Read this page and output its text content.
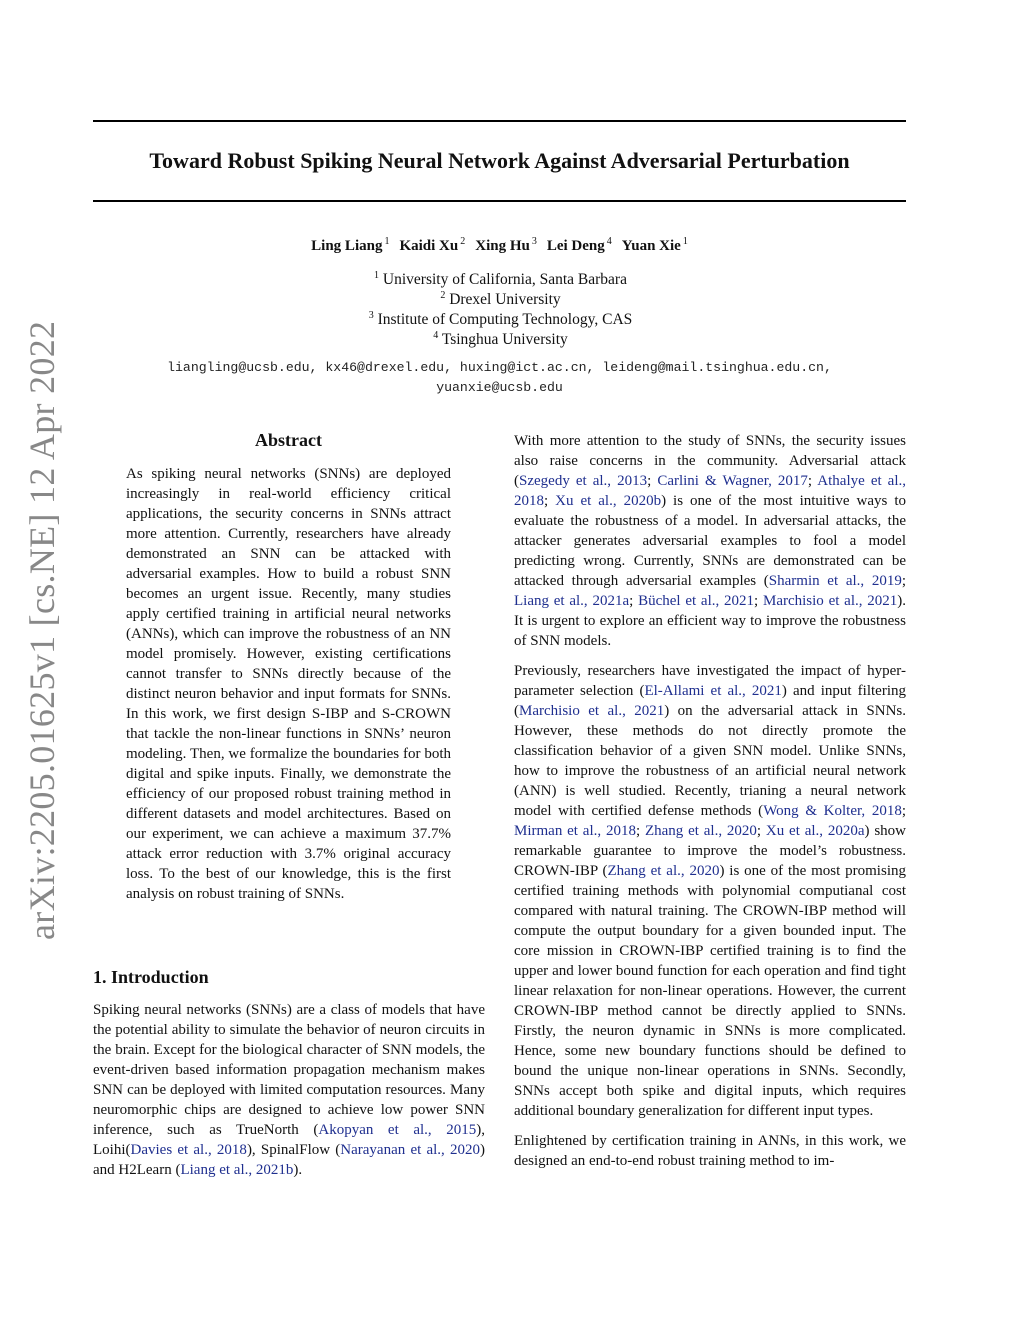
Toward Robust Spiking Neural Network Against Adversarial Perturbation
arXiv:2205.01625v1 [cs.NE] 12 Apr 2022
Ling Liang $^1$ Kaidi Xu $^2$ Xing Hu $^3$ Lei Deng $^4$ Yuan Xie $^1$
$^1$ University of California, Santa Barbara
$^2$ Drexel University
$^3$ Institute of Computing Technology, CAS
$^4$ Tsinghua University
liangling@ucsb.edu, kx46@drexel.edu, huxing@ict.ac.cn, leideng@mail.tsinghua.edu.cn,
yuanxie@ucsb.edu
Abstract
As spiking neural networks (SNNs) are deployed increasingly in real-world efficiency critical applications, the security concerns in SNNs attract more attention. Currently, researchers have already demonstrated an SNN can be attacked with adversarial examples. How to build a robust SNN becomes an urgent issue. Recently, many studies apply certified training in artificial neural networks (ANNs), which can improve the robustness of an NN model promisely. However, existing certifications cannot transfer to SNNs directly because of the distinct neuron behavior and input formats for SNNs. In this work, we first design S-IBP and S-CROWN that tackle the non-linear functions in SNNs’ neuron modeling. Then, we formalize the boundaries for both digital and spike inputs. Finally, we demonstrate the efficiency of our proposed robust training method in different datasets and model architectures. Based on our experiment, we can achieve a maximum 37.7% attack error reduction with 3.7% original accuracy loss. To the best of our knowledge, this is the first analysis on robust training of SNNs.
1. Introduction
Spiking neural networks (SNNs) are a class of models that have the potential ability to simulate the behavior of neuron circuits in the brain. Except for the biological character of SNN models, the event-driven based information propagation mechanism makes SNN can be deployed with limited computation resources. Many neuromorphic chips are designed to achieve low power SNN inference, such as TrueNorth (Akopyan et al., 2015), Loihi(Davies et al., 2018), SpinalFlow (Narayanan et al., 2020) and H2Learn (Liang et al., 2021b).

With more attention to the study of SNNs, the security issues also raise concerns in the community. Adversarial attack (Szegedy et al., 2013; Carlini & Wagner, 2017; Athalye et al., 2018; Xu et al., 2020b) is one of the most intuitive ways to evaluate the robustness of a model. In adversarial attacks, the attacker generates adversarial examples to fool a model predicting wrong. Currently, SNNs are demonstrated can be attacked through adversarial examples (Sharmin et al., 2019; Liang et al., 2021a; Büchel et al., 2021; Marchisio et al., 2021). It is urgent to explore an efficient way to improve the robustness of SNN models.

Previously, researchers have investigated the impact of hyper-parameter selection (El-Allami et al., 2021) and input filtering (Marchisio et al., 2021) on the adversarial attack in SNNs. However, these methods do not directly promote the classification behavior of a given SNN model. Unlike SNNs, how to improve the robustness of an artificial neural network (ANN) is well studied. Recently, trianing a neural network model with certified defense methods (Wong & Kolter, 2018; Mirman et al., 2018; Zhang et al., 2020; Xu et al., 2020a) show remarkable guarantee to improve the model’s robustness. CROWN-IBP (Zhang et al., 2020) is one of the most promising certified training methods with polynomial computianal cost compared with natural training. The CROWN-IBP method will compute the output boundary for a given bounded input. The core mission in CROWN-IBP certified training is to find the upper and lower bound function for each operation and find tight linear relaxation for non-linear operations. However, the current CROWN-IBP method cannot be directly applied to SNNs. Firstly, the neuron dynamic in SNNs is more complicated. Hence, some new boundary functions should be defined to bound the unique non-linear operations in SNNs. Secondly, SNNs accept both spike and digital inputs, which requires additional boundary generalization for different input types.

Enlightened by certification training in ANNs, in this work, we designed an end-to-end robust training method to im-
